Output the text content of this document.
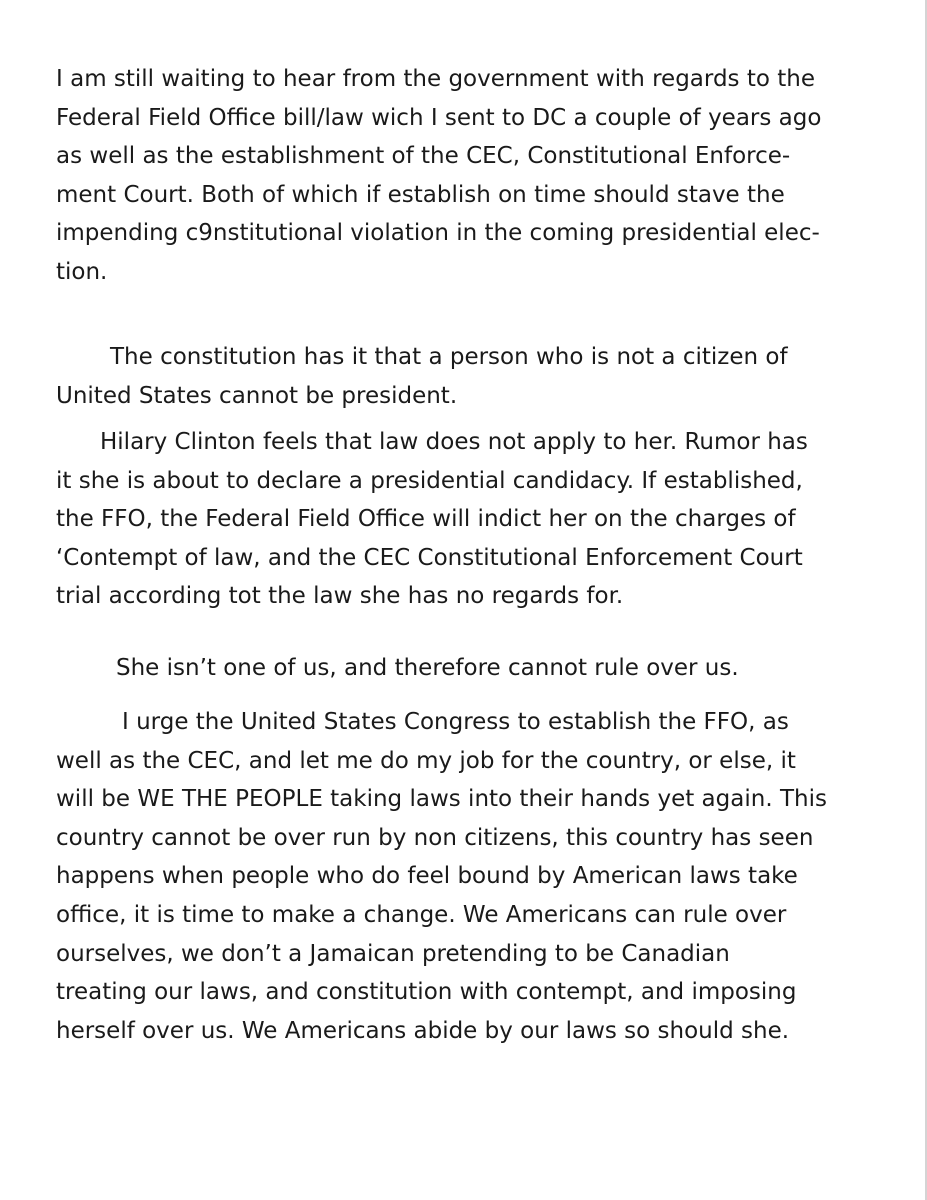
I am still waiting to hear from the government with regards to the
Federal Field Office bill/law wich I sent to DC a couple of years ago
as well as the establishment of the CEC, Constitutional Enforce-
ment Court. Both of which if establish on time should stave the
impending c9nstitutional violation in the coming presidential elec-
tion.

The constitution has it that a person who is not a citizen of
United States cannot be president.

Hilary Clinton feels that law does not apply to her. Rumor has
it she is about to declare a presidential candidacy. If established,
the FFO, the Federal Field Office will indict her on the charges of
‘Contempt of law, and the CEC Constitutional Enforcement Court
trial according tot the law she has no regards for.

She isn’t one of us, and therefore cannot rule over us.

I urge the United States Congress to establish the FFO, as
well as the CEC, and let me do my job for the country, or else, it
will be WE THE PEOPLE taking laws into their hands yet again. This
country cannot be over run by non citizens, this country has seen
happens when people who do feel bound by American laws take
office, it is time to make a change. We Americans can rule over
ourselves, we don’t a Jamaican pretending to be Canadian
treating our laws, and constitution with contempt, and imposing
herself over us. We Americans abide by our laws so should she.
